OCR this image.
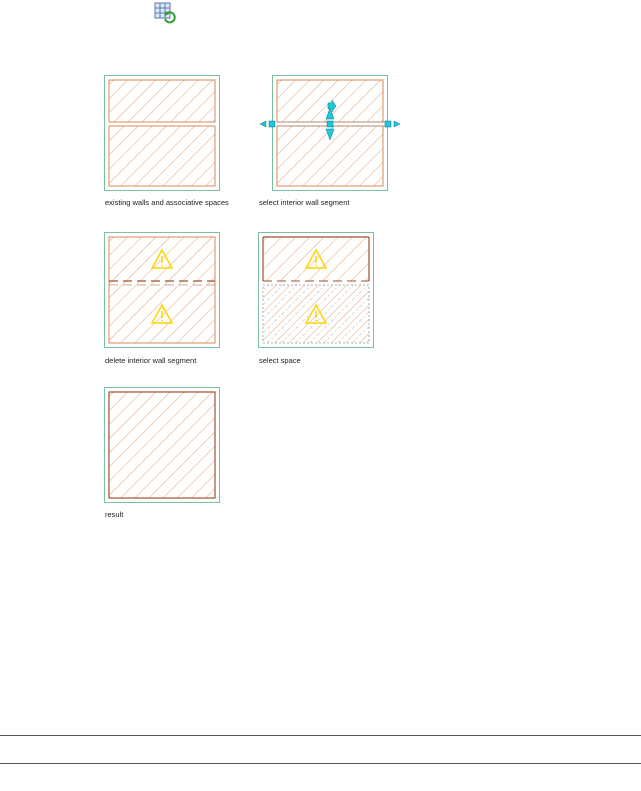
existing walls and associative spaces	select interior wall segment
delete interior wall segment	select space
result
